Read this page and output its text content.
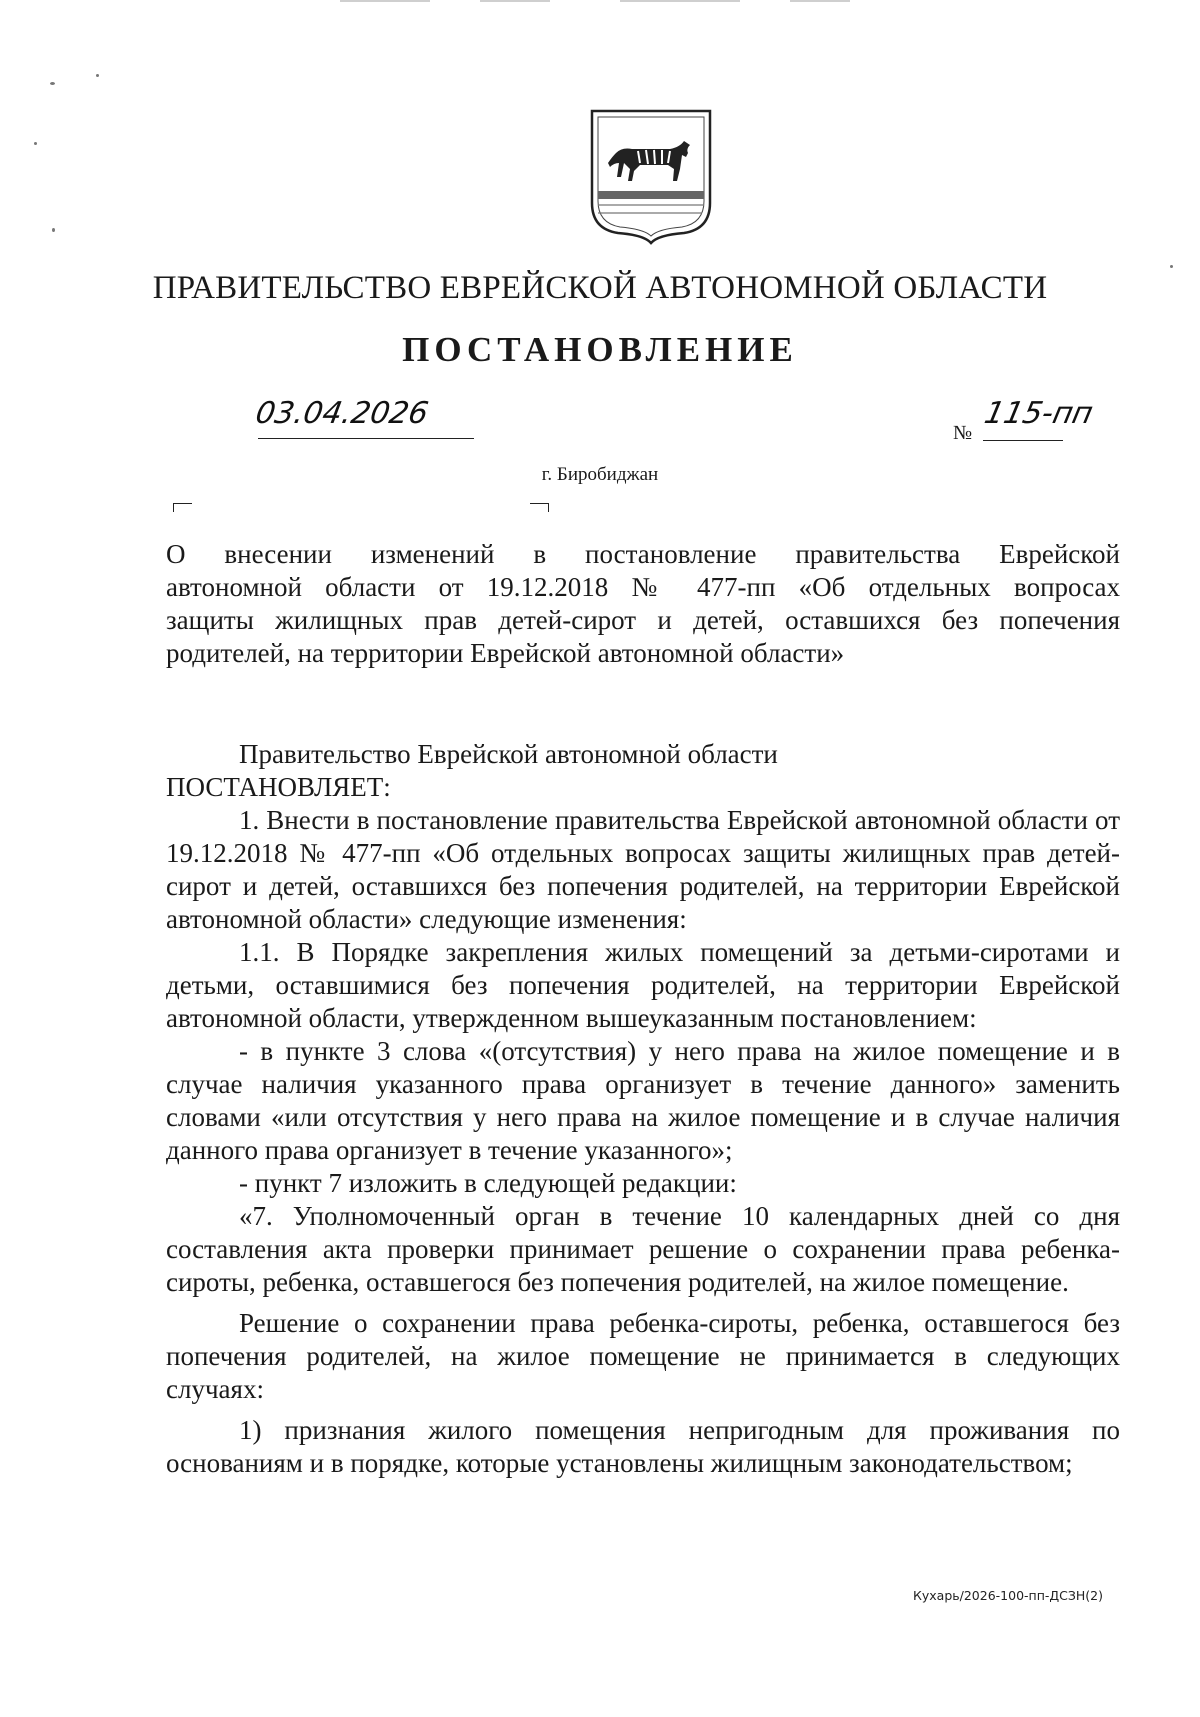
ПРАВИТЕЛЬСТВО ЕВРЕЙСКОЙ АВТОНОМНОЙ ОБЛАСТИ
ПОСТАНОВЛЕНИЕ
03.04.2026
№
115-пп
г. Биробиджан
О внесении изменений в постановление правительства Еврейской
автономной области от 19.12.2018 № 477-пп «Об отдельных вопросах
защиты жилищных прав детей-сирот и детей, оставшихся без попечения
родителей, на территории Еврейской автономной области»

Правительство Еврейской автономной области

ПОСТАНОВЛЯЕТ:

1. Внести в постановление правительства Еврейской автономной области от 19.12.2018 № 477-пп «Об отдельных вопросах защиты жилищных прав детей-сирот и детей, оставшихся без попечения родителей, на территории Еврейской автономной области» следующие изменения:

1.1. В Порядке закрепления жилых помещений за детьми-сиротами и детьми, оставшимися без попечения родителей, на территории Еврейской автономной области, утвержденном вышеуказанным постановлением:

- в пункте 3 слова «(отсутствия) у него права на жилое помещение и в случае наличия указанного права организует в течение данного» заменить словами «или отсутствия у него права на жилое помещение и в случае наличия данного права организует в течение указанного»;

- пункт 7 изложить в следующей редакции:

«7. Уполномоченный орган в течение 10 календарных дней со дня составления акта проверки принимает решение о сохранении права ребенка-сироты, ребенка, оставшегося без попечения родителей, на жилое помещение.

Решение о сохранении права ребенка-сироты, ребенка, оставшегося без попечения родителей, на жилое помещение не принимается в следующих случаях:

1) признания жилого помещения непригодным для проживания по основаниям и в порядке, которые установлены жилищным законодательством;

Кухарь/2026-100-пп-ДСЗН(2)
